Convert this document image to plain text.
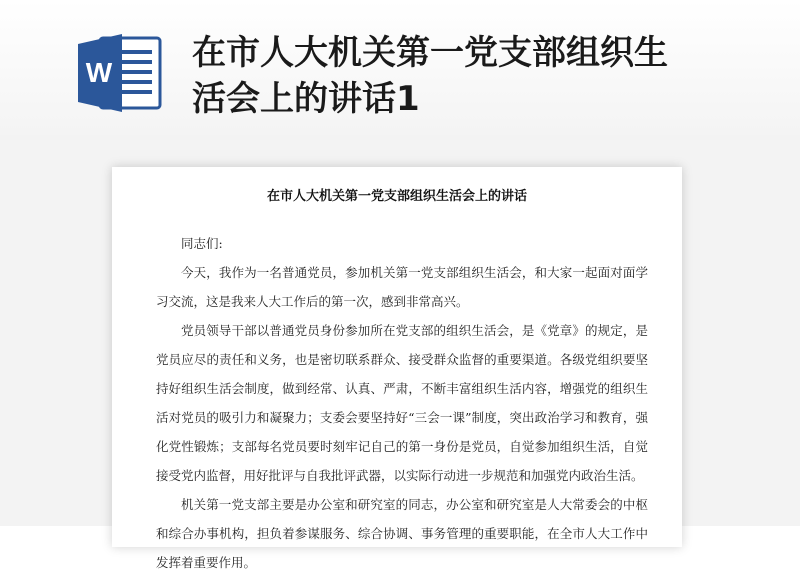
W 在市人大机关第一党支部组织生
活会上的讲话1
在市人大机关第一党支部组织生活会上的讲话

同志们:

今天，我作为一名普通党员，参加机关第一党支部组织生活会，和大家一起面对面学习交流，这是我来人大工作后的第一次，感到非常高兴。

党员领导干部以普通党员身份参加所在党支部的组织生活会，是《党章》的规定，是党员应尽的责任和义务，也是密切联系群众、接受群众监督的重要渠道。各级党组织要坚持好组织生活会制度，做到经常、认真、严肃，不断丰富组织生活内容，增强党的组织生活对党员的吸引力和凝聚力；支委会要坚持好“三会一课”制度，突出政治学习和教育，强化党性锻炼；支部每名党员要时刻牢记自己的第一身份是党员，自觉参加组织生活，自觉接受党内监督，用好批评与自我批评武器，以实际行动进一步规范和加强党内政治生活。

机关第一党支部主要是办公室和研究室的同志，办公室和研究室是人大常委会的中枢和综合办事机构，担负着参谋服务、综合协调、事务管理的重要职能，在全市人大工作中发挥着重要作用。
